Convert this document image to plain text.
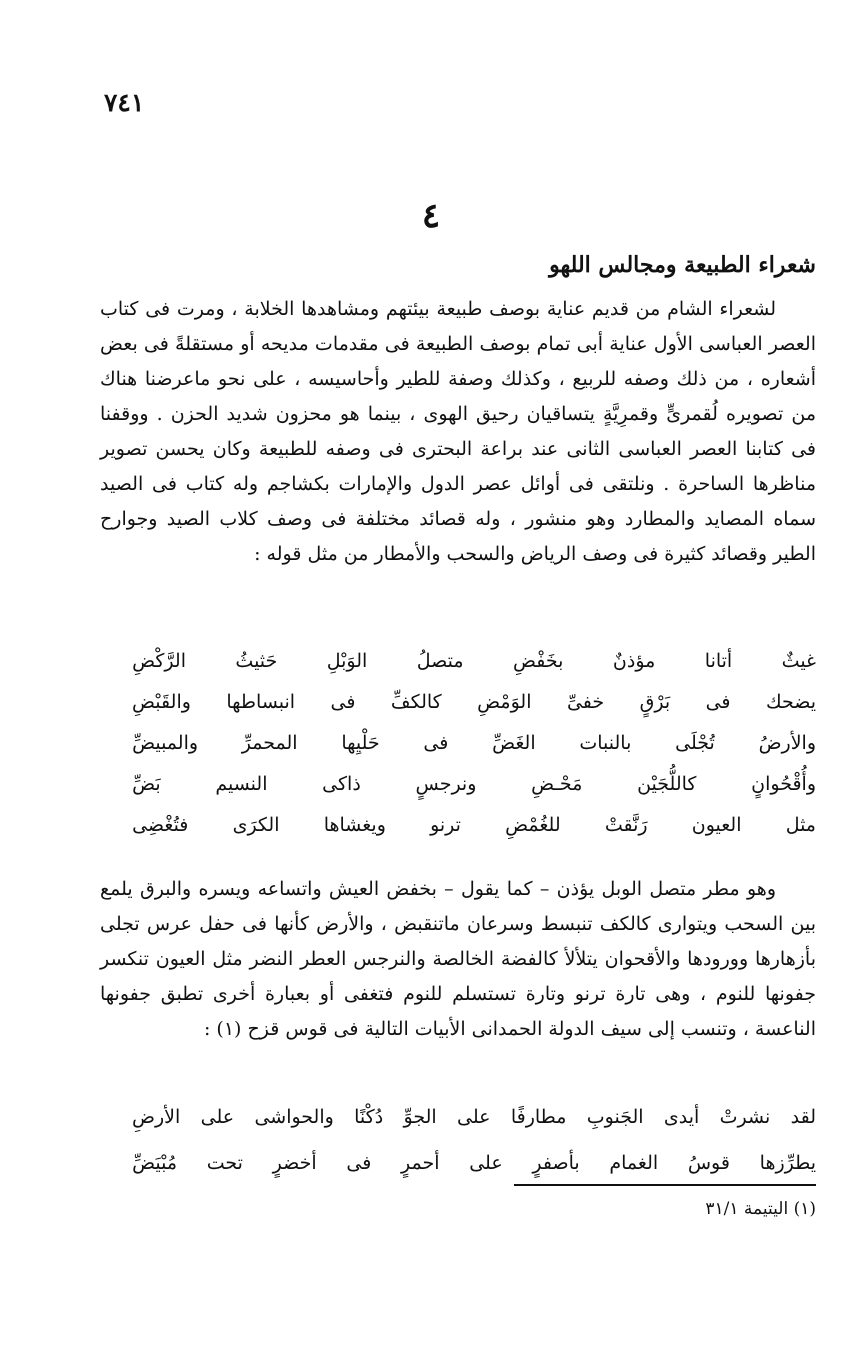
٧٤١
٤
شعراء الطبيعة ومجالس اللهو

لشعراء الشام من قديم عناية بوصف طبيعة بيئتهم ومشاهدها الخلابة ، ومرت فى كتاب العصر العباسى الأول عناية أبى تمام بوصف الطبيعة فى مقدمات مديحه أو مستقلةً فى بعض أشعاره ، من ذلك وصفه للربيع ، وكذلك وصفة للطير وأحاسيسه ، على نحو ماعرضنا هناك من تصويره لُقمرىٍّ وقمرِيَّةٍ يتساقيان رحيق الهوى ، بينما هو محزون شديد الحزن . ووقفنا فى كتابنا العصر العباسى الثانى عند براعة البحترى فى وصفه للطبيعة وكان يحسن تصوير مناظرها الساحرة . ونلتقى فى أوائل عصر الدول والإمارات بكشاجم وله كتاب فى الصيد سماه المصايد والمطارد وهو منشور ، وله قصائد مختلفة فى وصف كلاب الصيد وجوارح الطير وقصائد كثيرة فى وصف الرياض والسحب والأمطار من مثل قوله :

غيثٌ
أتانا
مؤذنٌ
بخَفْضِ
متصلُ
الوَبْلِ
حَثيثُ
الرَّكْضِ
يضحك
فى
بَرْقٍ
خفىِّ
الوَمْضِ
كالكفِّ
فى
انبساطها
والقَبْضِ
والأرضُ
تُجْلَى
بالنبات
الغَضِّ
فى
حَلْيِها
المحمرِّ
والمبيضِّ
وأُقْحُوانٍ
كاللُّجَيْن
مَحْـضِ
ونرجسٍ
ذاكى
النسيم
بَضِّ
مثل
العيون
رَنَّقتْ
للغُمْضِ
ترنو
ويغشاها
الكرَى
فتُغْضِى

وهو مطر متصل الوبل يؤذن – كما يقول – بخفض العيش واتساعه ويسره والبرق يلمع بين السحب ويتوارى كالكف تنبسط وسرعان ماتنقبض ، والأرض كأنها فى حفل عرس تجلى بأزهارها وورودها والأقحوان يتلألأ كالفضة الخالصة والنرجس العطر النضر مثل العيون تنكسر جفونها للنوم ، وهى تارة ترنو وتارة تستسلم للنوم فتغفى أو بعبارة أخرى تطبق جفونها الناعسة ، وتنسب إلى سيف الدولة الحمدانى الأبيات التالية فى قوس قزح (١) :

لقد
نشرتْ
أيدى
الجَنوبِ
مطارفًا
على
الجوِّ
دُكْنًا
والحواشى
على
الأرضِ
يطرِّزها
قوسُ
الغمام
بأصفرٍ
على
أحمرٍ
فى
أخضرٍ
تحت
مُبْيَضِّ
(١) اليتيمة ٣١/١
